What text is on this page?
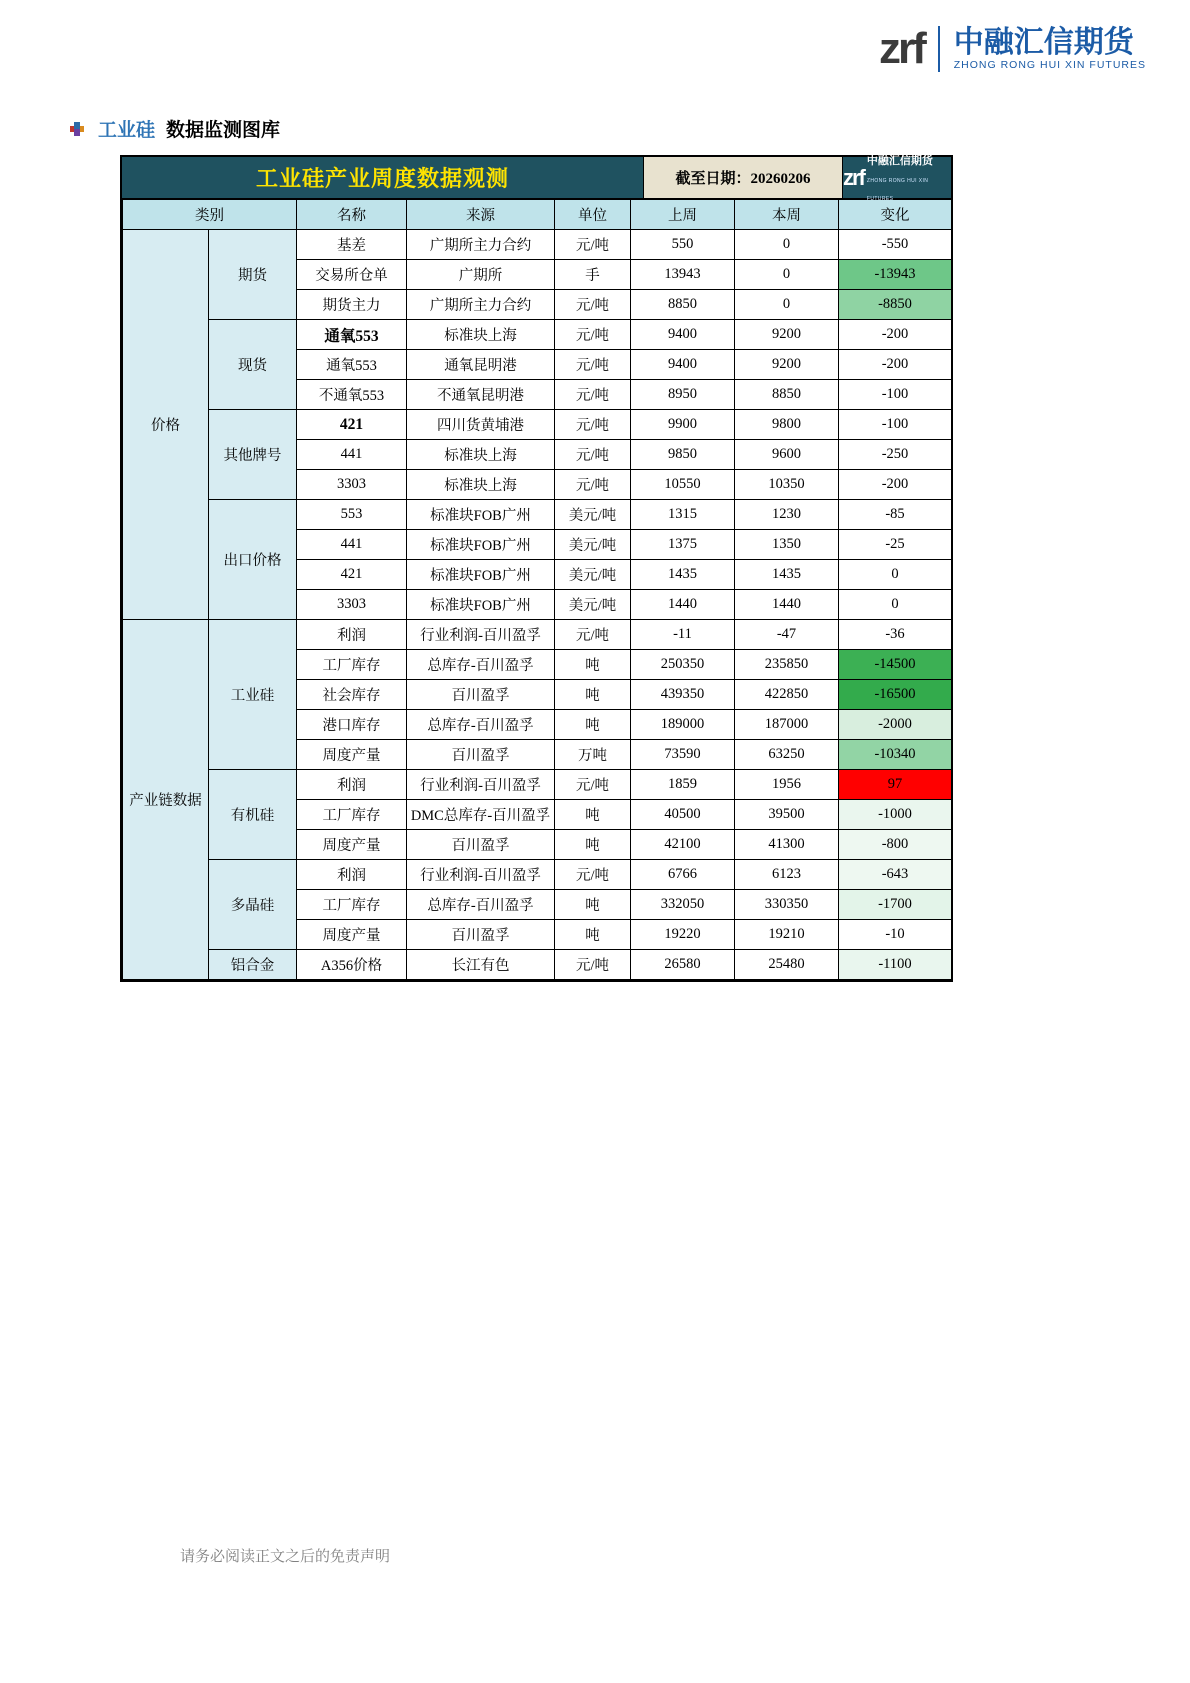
zrf 中融汇信期货
ZHONG RONG HUI XIN FUTURES
工业硅 数据监测图库
工业硅产业周度数据观测	截至日期：20260206	zrf
中融汇信期货
ZHONG RONG HUI XIN FUTURES
类别		名称	来源	单位	上周	本周	变化
价格	期货	基差	广期所主力合约	元/吨	550	0	-550
		交易所仓单	广期所	手	13943	0	-13943
		期货主力	广期所主力合约	元/吨	8850	0	-8850
	现货	通氧553	标准块上海	元/吨	9400	9200	-200
		通氧553	通氧昆明港	元/吨	9400	9200	-200
		不通氧553	不通氧昆明港	元/吨	8950	8850	-100
	其他牌号	421	四川货黄埔港	元/吨	9900	9800	-100
		441	标准块上海	元/吨	9850	9600	-250
		3303	标准块上海	元/吨	10550	10350	-200
	出口价格	553	标准块FOB广州	美元/吨	1315	1230	-85
		441	标准块FOB广州	美元/吨	1375	1350	-25
		421	标准块FOB广州	美元/吨	1435	1435	0
		3303	标准块FOB广州	美元/吨	1440	1440	0
产业链数据	工业硅	利润	行业利润-百川盈孚	元/吨	-11	-47	-36
		工厂库存	总库存-百川盈孚	吨	250350	235850	-14500
		社会库存	百川盈孚	吨	439350	422850	-16500
		港口库存	总库存-百川盈孚	吨	189000	187000	-2000
		周度产量	百川盈孚	万吨	73590	63250	-10340
	有机硅	利润	行业利润-百川盈孚	元/吨	1859	1956	97
		工厂库存	DMC总库存-百川盈孚	吨	40500	39500	-1000
		周度产量	百川盈孚	吨	42100	41300	-800
	多晶硅	利润	行业利润-百川盈孚	元/吨	6766	6123	-643
		工厂库存	总库存-百川盈孚	吨	332050	330350	-1700
		周度产量	百川盈孚	吨	19220	19210	-10
	铝合金	A356价格	长江有色	元/吨	26580	25480	-1100
请务必阅读正文之后的免责声明
